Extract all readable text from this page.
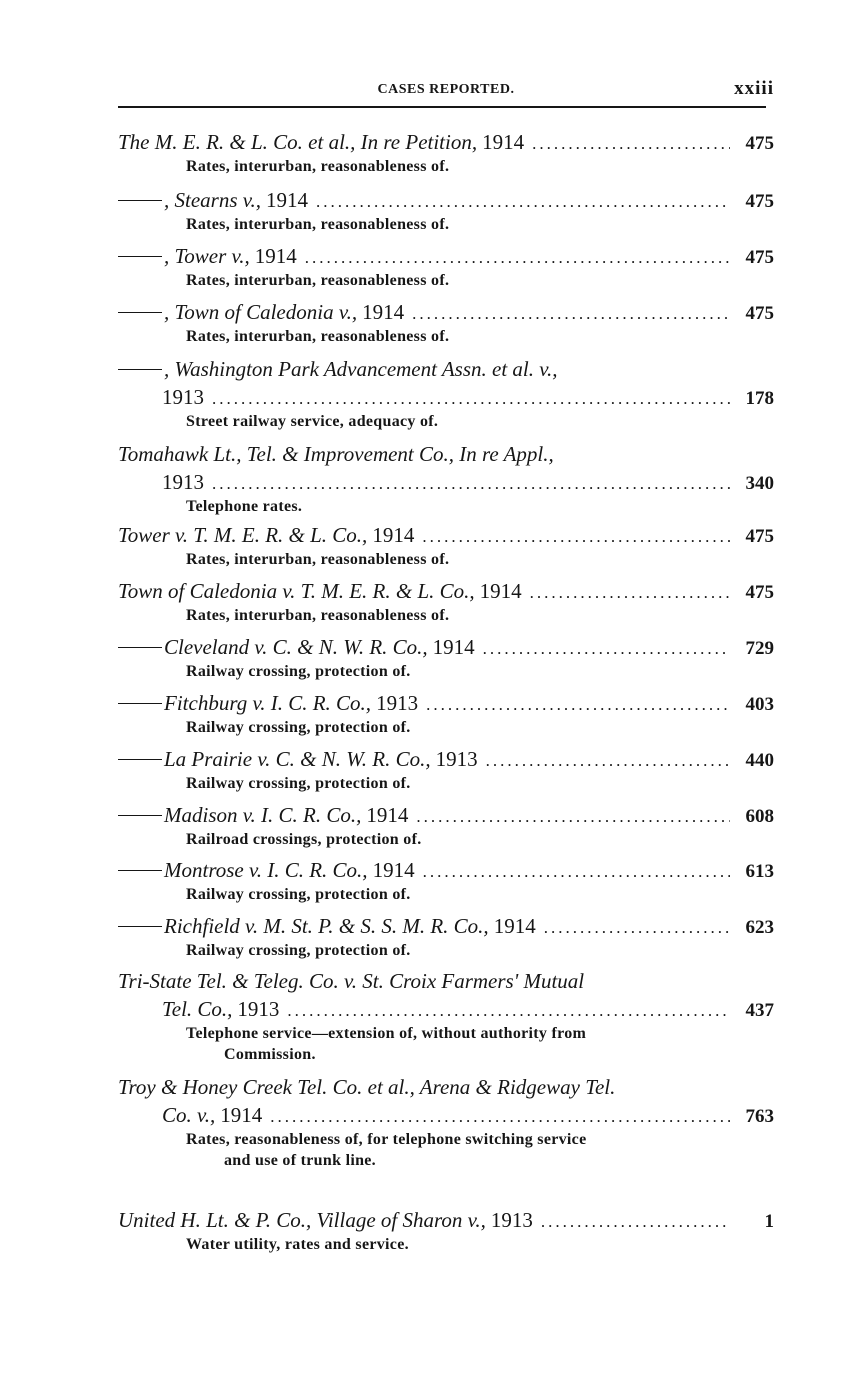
CASES REPORTED.	xxiii
The M. E. R. & L. Co. et al., In re Petition, 1914 .....	475
Rates, interurban, reasonableness of.
, Stearns v., 1914 .....	475
Rates, interurban, reasonableness of.
, Tower v., 1914 .....	475
Rates, interurban, reasonableness of.
, Town of Caledonia v., 1914 .....	475
Rates, interurban, reasonableness of.
, Washington Park Advancement Assn. et al. v.,
1913 .....	178
Street railway service, adequacy of.
Tomahawk Lt., Tel. & Improvement Co., In re Appl.,
1913 .....	340
Telephone rates.
Tower v. T. M. E. R. & L. Co., 1914 .....	475
Rates, interurban, reasonableness of.
Town of Caledonia v. T. M. E. R. & L. Co., 1914 .....	475
Rates, interurban, reasonableness of.
Cleveland v. C. & N. W. R. Co., 1914 .....	729
Railway crossing, protection of.
Fitchburg v. I. C. R. Co., 1913 .....	403
Railway crossing, protection of.
La Prairie v. C. & N. W. R. Co., 1913 .....	440
Railway crossing, protection of.
Madison v. I. C. R. Co., 1914 .....	608
Railroad crossings, protection of.
Montrose v. I. C. R. Co., 1914 .....	613
Railway crossing, protection of.
Richfield v. M. St. P. & S. S. M. R. Co., 1914 .....	623
Railway crossing, protection of.
Tri-State Tel. & Teleg. Co. v. St. Croix Farmers' Mutual
Tel. Co., 1913 .....	437
Telephone service—extension of, without authority from
Commission.
Troy & Honey Creek Tel. Co. et al., Arena & Ridgeway Tel.
Co. v., 1914 .....	763
Rates, reasonableness of, for telephone switching service
and use of trunk line.
United H. Lt. & P. Co., Village of Sharon v., 1913 .....	1
Water utility, rates and service.
